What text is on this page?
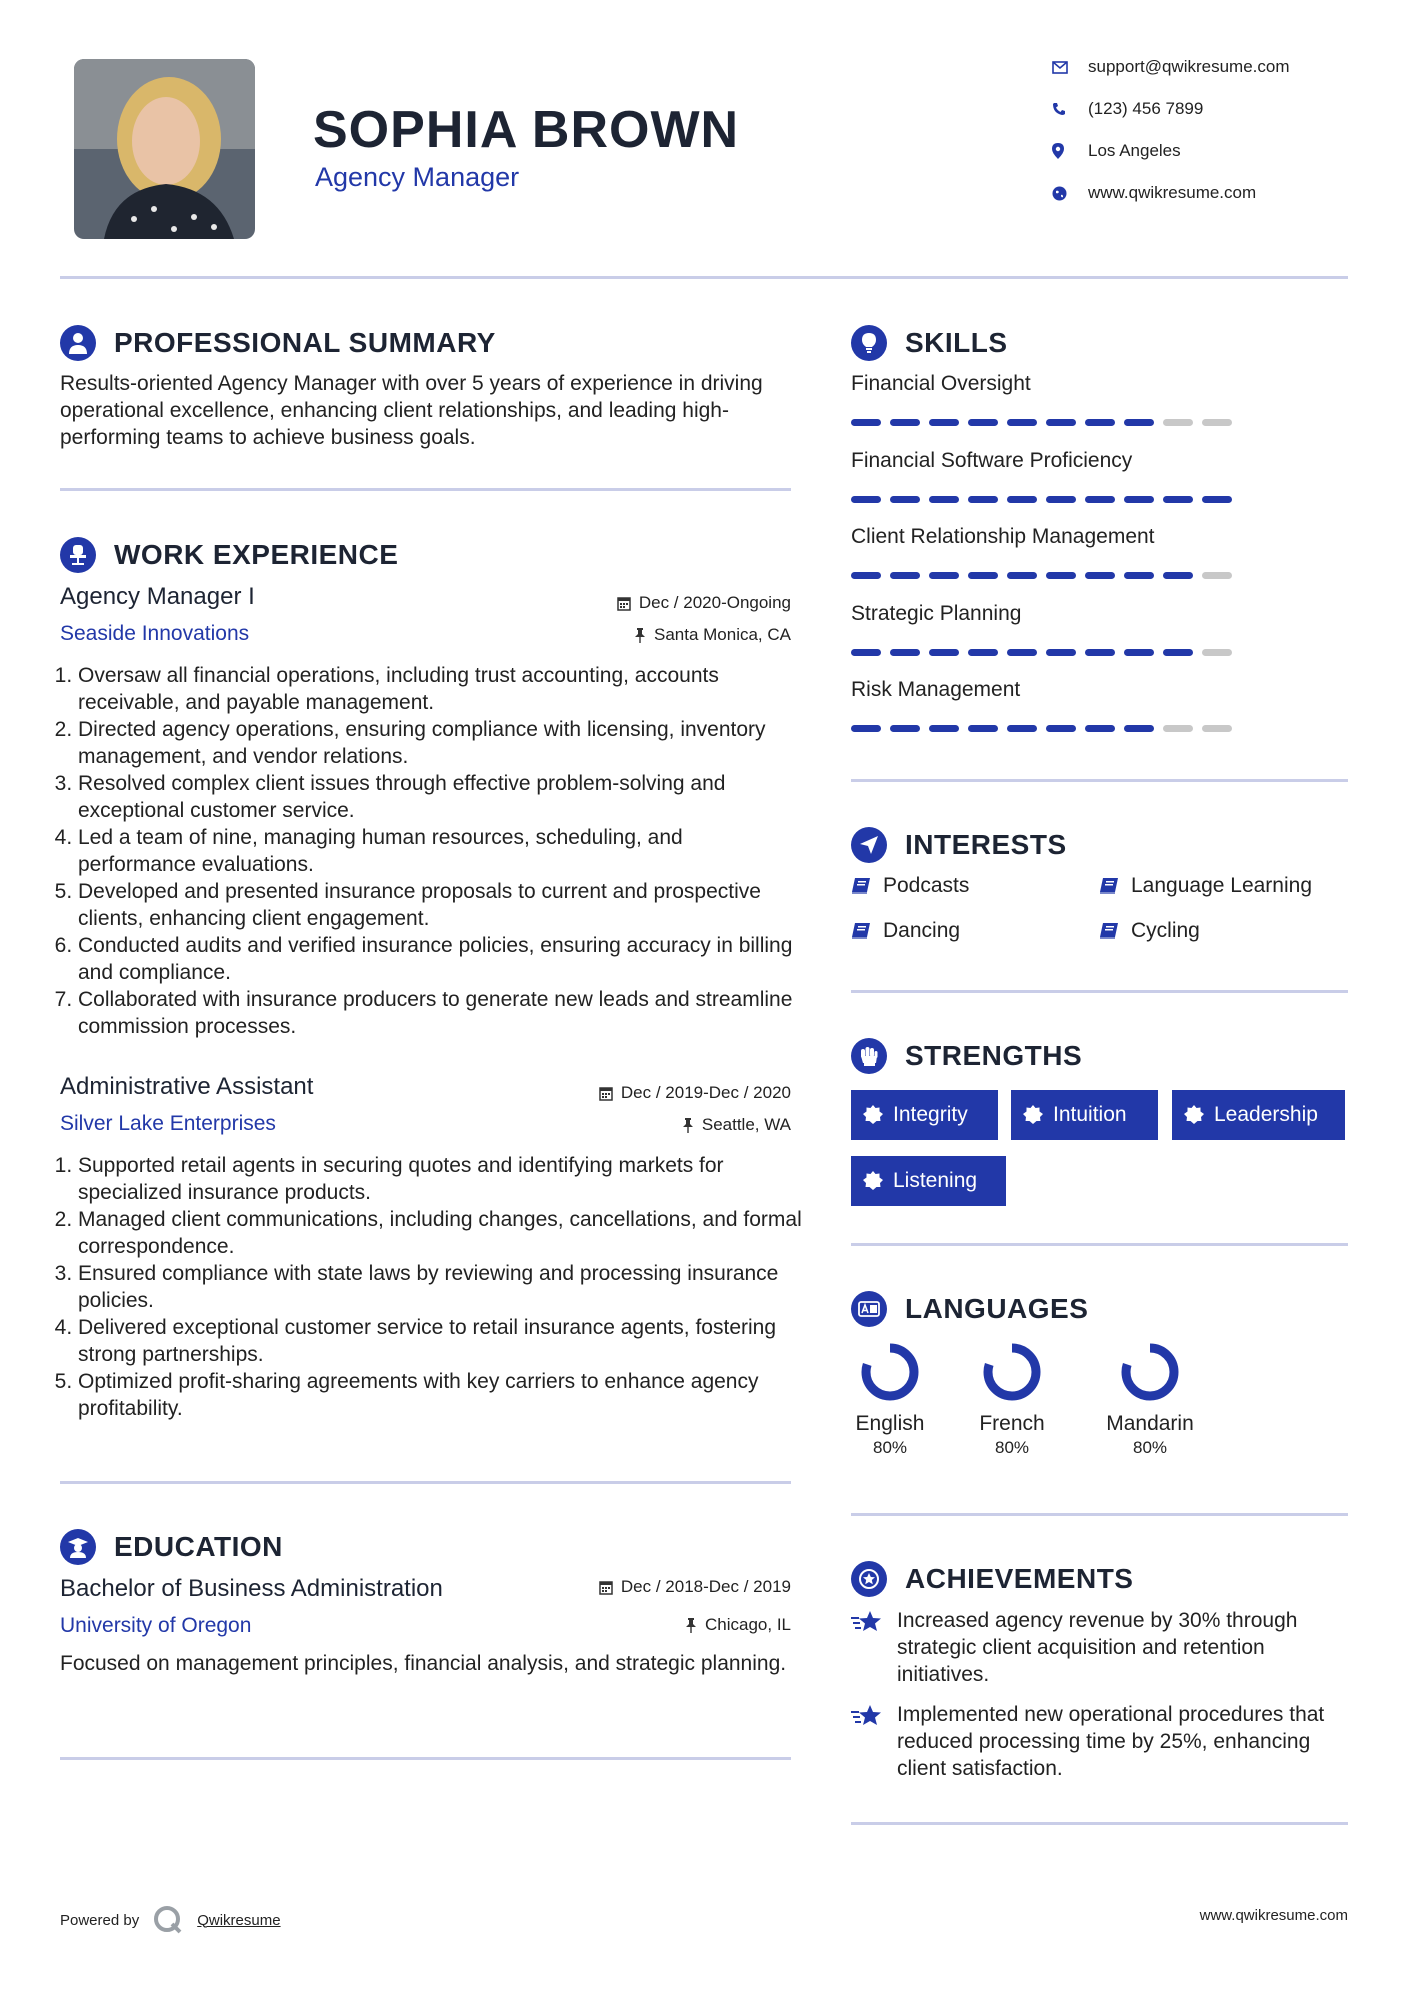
SOPHIA BROWN
Agency Manager
support@qwikresume.com
(123) 456 7899
Los Angeles
www.qwikresume.com
PROFESSIONAL SUMMARY
Results-oriented Agency Manager with over 5 years of experience in driving operational excellence, enhancing client relationships, and leading high-performing teams to achieve business goals.
WORK EXPERIENCE
Agency Manager I
Seaside Innovations
Dec / 2020-Ongoing
Santa Monica, CA
1. Oversaw all financial operations, including trust accounting, accounts receivable, and payable management.
2. Directed agency operations, ensuring compliance with licensing, inventory management, and vendor relations.
3. Resolved complex client issues through effective problem-solving and exceptional customer service.
4. Led a team of nine, managing human resources, scheduling, and performance evaluations.
5. Developed and presented insurance proposals to current and prospective clients, enhancing client engagement.
6. Conducted audits and verified insurance policies, ensuring accuracy in billing and compliance.
7. Collaborated with insurance producers to generate new leads and streamline commission processes.
Administrative Assistant
Silver Lake Enterprises
Dec / 2019-Dec / 2020
Seattle, WA
1. Supported retail agents in securing quotes and identifying markets for specialized insurance products.
2. Managed client communications, including changes, cancellations, and formal correspondence.
3. Ensured compliance with state laws by reviewing and processing insurance policies.
4. Delivered exceptional customer service to retail insurance agents, fostering strong partnerships.
5. Optimized profit-sharing agreements with key carriers to enhance agency profitability.
EDUCATION
Bachelor of Business Administration
University of Oregon
Dec / 2018-Dec / 2019
Chicago, IL
Focused on management principles, financial analysis, and strategic planning.
SKILLS
Financial Oversight
Financial Software Proficiency
Client Relationship Management
Strategic Planning
Risk Management
INTERESTS
Podcasts	Language Learning
Dancing	Cycling
STRENGTHS
Integrity	Intuition	Leadership
Listening
LANGUAGES
English
80%
French
80%
Mandarin
80%
ACHIEVEMENTS
Increased agency revenue by 30% through strategic client acquisition and retention initiatives.
Implemented new operational procedures that reduced processing time by 25%, enhancing client satisfaction.
Powered by	Qwikresume	www.qwikresume.com
